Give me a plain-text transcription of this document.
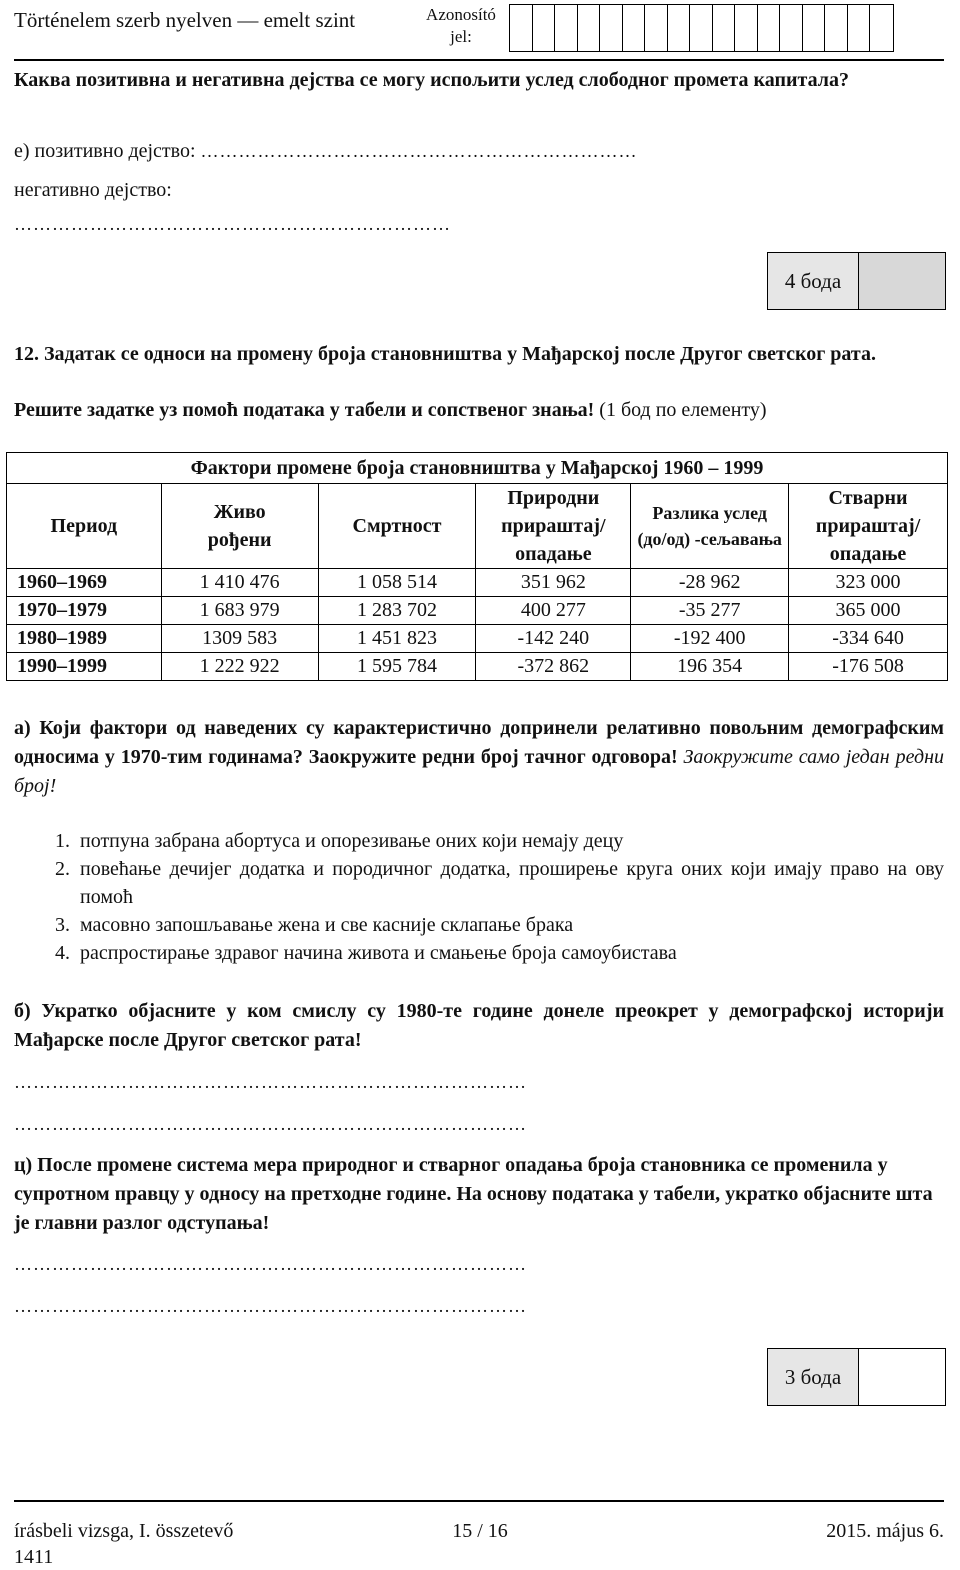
Történelem szerb nyelven — emelt szint	Azonosító jel:
Каква позитивна и негативна дејства се могу испољити услед слободног промета капитала?
е) позитивно дејство: ……………………………………………………………
негативно дејство:
……………………………………………………………
4 бода
12. Задатак се односи на промену броја становништва у Мађарској после Другог светског рата.
Решите задатке уз помоћ података у табели и сопственог знања! (1 бод по елементу)
Фактори промене броја становништва у Мађарској 1960 – 1999					
Период	Живо рођени	Смртност	Природни прираштај/ опадање	Разлика услед (до/од) -сељавања	Стварни прираштај/ опадање
1960–1969	1 410 476	1 058 514	351 962	-28 962	323 000
1970–1979	1 683 979	1 283 702	400 277	-35 277	365 000
1980–1989	1309 583	1 451 823	-142 240	-192 400	-334 640
1990–1999	1 222 922	1 595 784	-372 862	196 354	-176 508
а) Који фактори од наведених су карактеристично допринели релативно повољним демографским односима у 1970-тим годинама? Заокружите редни број тачног одговора! Заокружите само један редни број!
1. потпуна забрана абортуса и опорезивање оних који немају децу
2. повећање дечијег додатка и породичног додатка, проширење круга оних који имају право на ову помоћ
3. масовно запошљавање жена и све касније склапање брака
4. распростирање здравог начина живота и смањење броја самоубистава
б) Укратко објасните у ком смислу су 1980-те године донеле преокрет у демографској историји Мађарске после Другог светског рата!
………………………………………………………………………
………………………………………………………………………
ц) После промене система мера природног и стварног опадања броја становника се променила у супротном правцу у односу на претходне године. На основу података у табели, укратко објасните шта је главни разлог одступања!
………………………………………………………………………
………………………………………………………………………
3 бода
írásbeli vizsga, I. összetevő
1411
15 / 16	2015. május 6.
